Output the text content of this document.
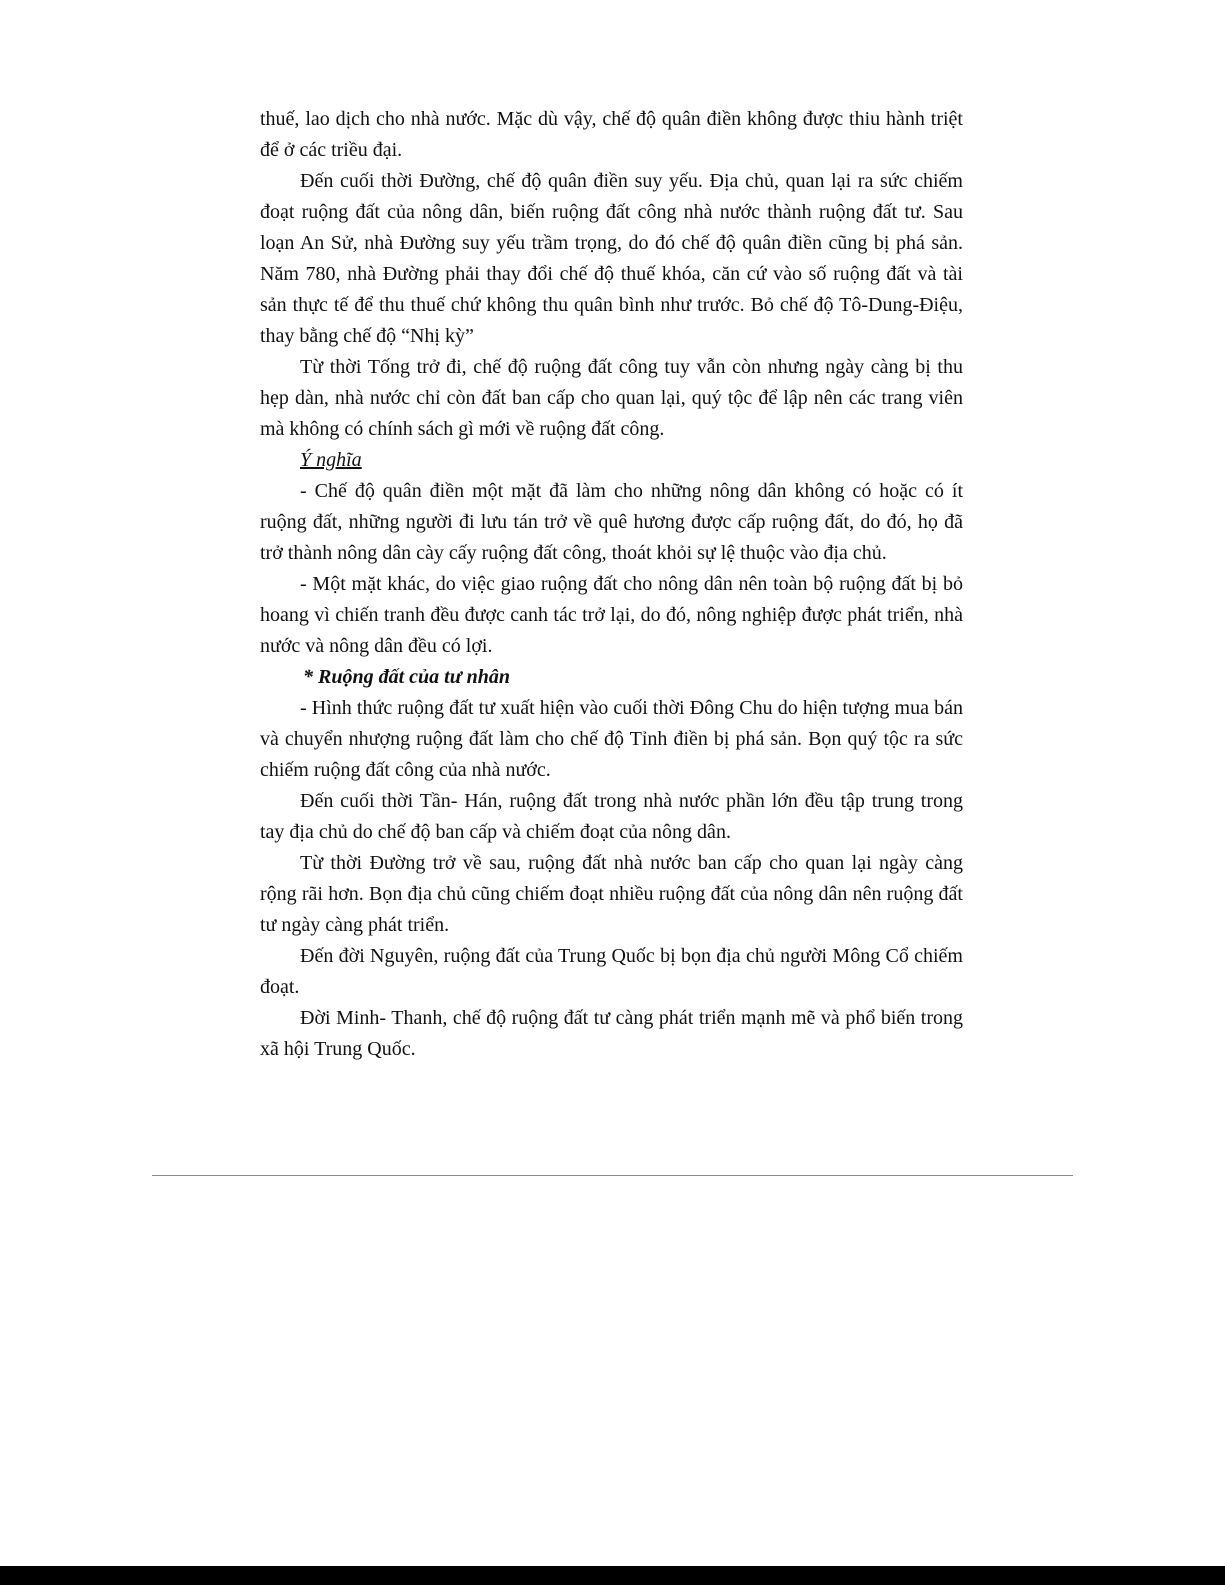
thuế, lao dịch cho nhà nước. Mặc dù vậy, chế độ quân điền không được thiu hành triệt để ở các triều đại.

Đến cuối thời Đường, chế độ quân điền suy yếu. Địa chủ, quan lại ra sức chiếm đoạt ruộng đất của nông dân, biến ruộng đất công nhà nước thành ruộng đất tư. Sau loạn An Sử, nhà Đường suy yếu trầm trọng, do đó chế độ quân điền cũng bị phá sản. Năm 780, nhà Đường phải thay đổi chế độ thuế khóa, căn cứ vào số ruộng đất và tài sản thực tế để thu thuế chứ không thu quân bình như trước. Bỏ chế độ Tô-Dung-Điệu, thay bằng chế độ “Nhị kỳ”

Từ thời Tống trở đi, chế độ ruộng đất công tuy vẫn còn nhưng ngày càng bị thu hẹp dàn, nhà nước chỉ còn đất ban cấp cho quan lại, quý tộc để lập nên các trang viên mà không có chính sách gì mới về ruộng đất công.

Ý nghĩa

- Chế độ quân điền một mặt đã làm cho những nông dân không có hoặc có ít ruộng đất, những người đi lưu tán trở về quê hương được cấp ruộng đất, do đó, họ đã trở thành nông dân cày cấy ruộng đất công, thoát khỏi sự lệ thuộc vào địa chủ.

- Một mặt khác, do việc giao ruộng đất cho nông dân nên toàn bộ ruộng đất bị bỏ hoang vì chiến tranh đều được canh tác trở lại, do đó, nông nghiệp được phát triển, nhà nước và nông dân đều có lợi.

* Ruộng đất của tư nhân

- Hình thức ruộng đất tư xuất hiện vào cuối thời Đông Chu do hiện tượng mua bán và chuyển nhượng ruộng đất làm cho chế độ Tỉnh điền bị phá sản. Bọn quý tộc ra sức chiếm ruộng đất công của nhà nước.

Đến cuối thời Tần- Hán, ruộng đất trong nhà nước phần lớn đều tập trung trong tay địa chủ do chế độ ban cấp và chiếm đoạt của nông dân.

Từ thời Đường trở về sau, ruộng đất nhà nước ban cấp cho quan lại ngày càng rộng rãi hơn. Bọn địa chủ cũng chiếm đoạt nhiều ruộng đất của nông dân nên ruộng đất tư ngày càng phát triển.

Đến đời Nguyên, ruộng đất của Trung Quốc bị bọn địa chủ người Mông Cổ chiếm đoạt.

Đời Minh- Thanh, chế độ ruộng đất tư càng phát triển mạnh mẽ và phổ biến trong xã hội Trung Quốc.
